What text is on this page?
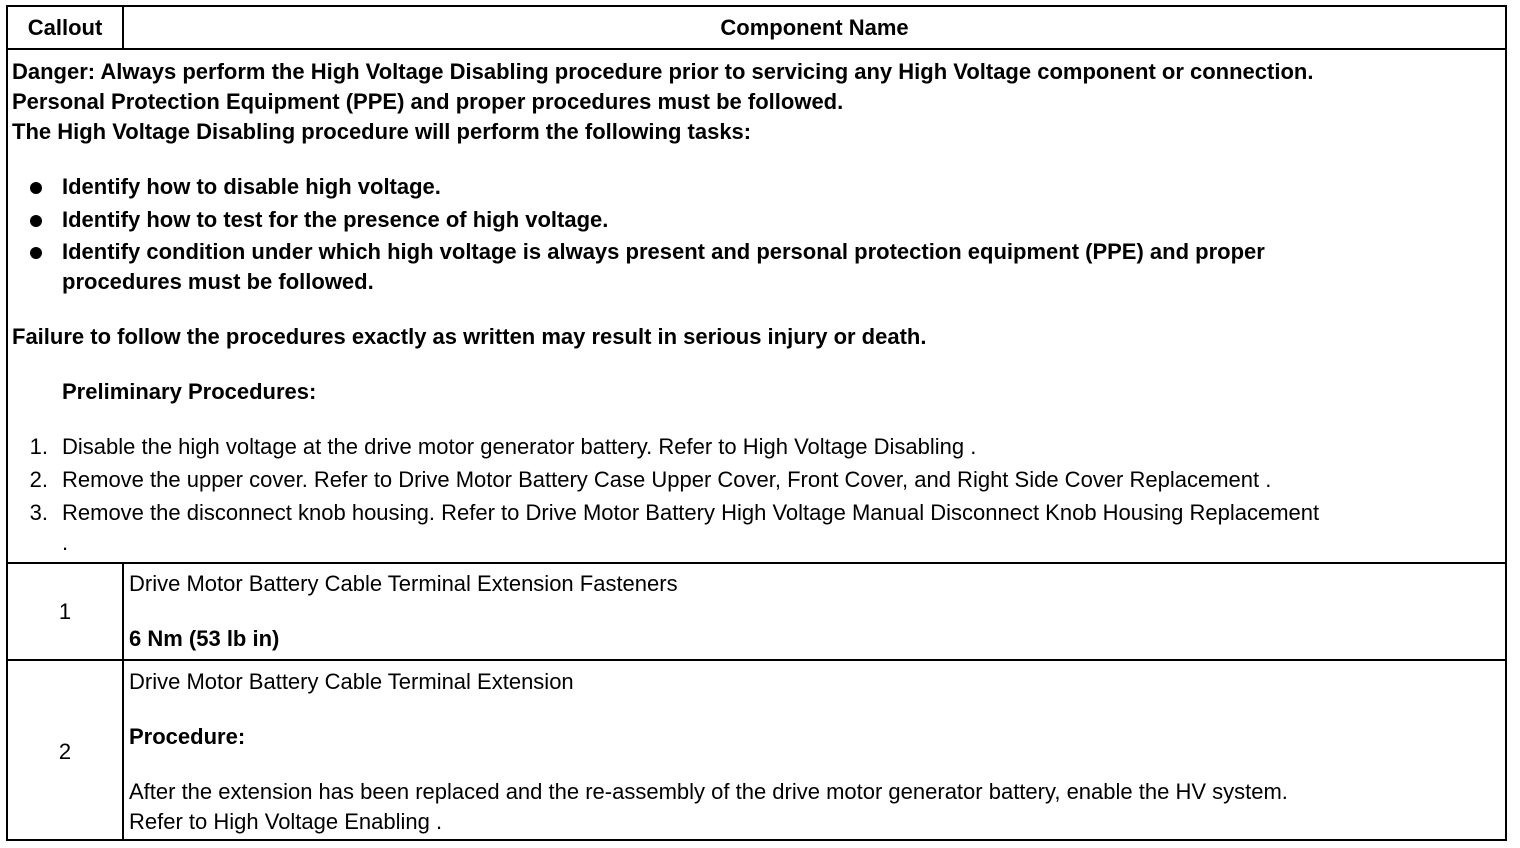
Callout	Component Name
Danger: Always perform the High Voltage Disabling procedure prior to servicing any High Voltage component or connection.
Personal Protection Equipment (PPE) and proper procedures must be followed.
The High Voltage Disabling procedure will perform the following tasks:
Identify how to disable high voltage.
Identify how to test for the presence of high voltage.
Identify condition under which high voltage is always present and personal protection equipment (PPE) and proper
procedures must be followed.
Failure to follow the procedures exactly as written may result in serious injury or death.
Preliminary Procedures:
1. Disable the high voltage at the drive motor generator battery. Refer to High Voltage Disabling .
2. Remove the upper cover. Refer to Drive Motor Battery Case Upper Cover, Front Cover, and Right Side Cover Replacement .
3. Remove the disconnect knob housing. Refer to Drive Motor Battery High Voltage Manual Disconnect Knob Housing Replacement
.
1
Drive Motor Battery Cable Terminal Extension Fasteners
6 Nm (53 lb in)
2
Drive Motor Battery Cable Terminal Extension
Procedure:
After the extension has been replaced and the re-assembly of the drive motor generator battery, enable the HV system.
Refer to High Voltage Enabling .
